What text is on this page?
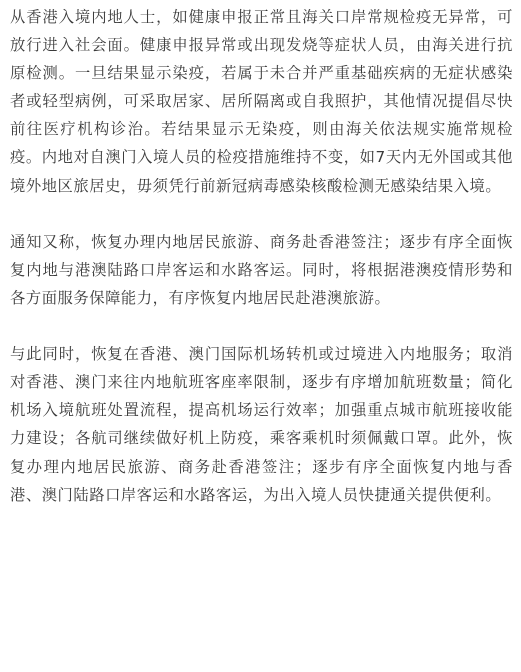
从香港入境内地人士，如健康申报正常且海关口岸常规检疫无异常，可放行进入社会面。健康申报异常或出现发烧等症状人员，由海关进行抗原检测。一旦结果显示染疫，若属于未合并严重基础疾病的无症状感染者或轻型病例，可采取居家、居所隔离或自我照护，其他情况提倡尽快前往医疗机构诊治。若结果显示无染疫，则由海关依法规实施常规检疫。内地对自澳门入境人员的检疫措施维持不变，如7天内无外国或其他境外地区旅居史，毋须凭行前新冠病毒感染核酸检测无感染结果入境。

通知又称，恢复办理内地居民旅游、商务赴香港签注；逐步有序全面恢复内地与港澳陆路口岸客运和水路客运。同时，将根据港澳疫情形势和各方面服务保障能力，有序恢复内地居民赴港澳旅游。

与此同时，恢复在香港、澳门国际机场转机或过境进入内地服务；取消对香港、澳门来往内地航班客座率限制，逐步有序增加航班数量；简化机场入境航班处置流程，提高机场运行效率；加强重点城市航班接收能力建设；各航司继续做好机上防疫，乘客乘机时须佩戴口罩。此外，恢复办理内地居民旅游、商务赴香港签注；逐步有序全面恢复内地与香港、澳门陆路口岸客运和水路客运，为出入境人员快捷通关提供便利。
